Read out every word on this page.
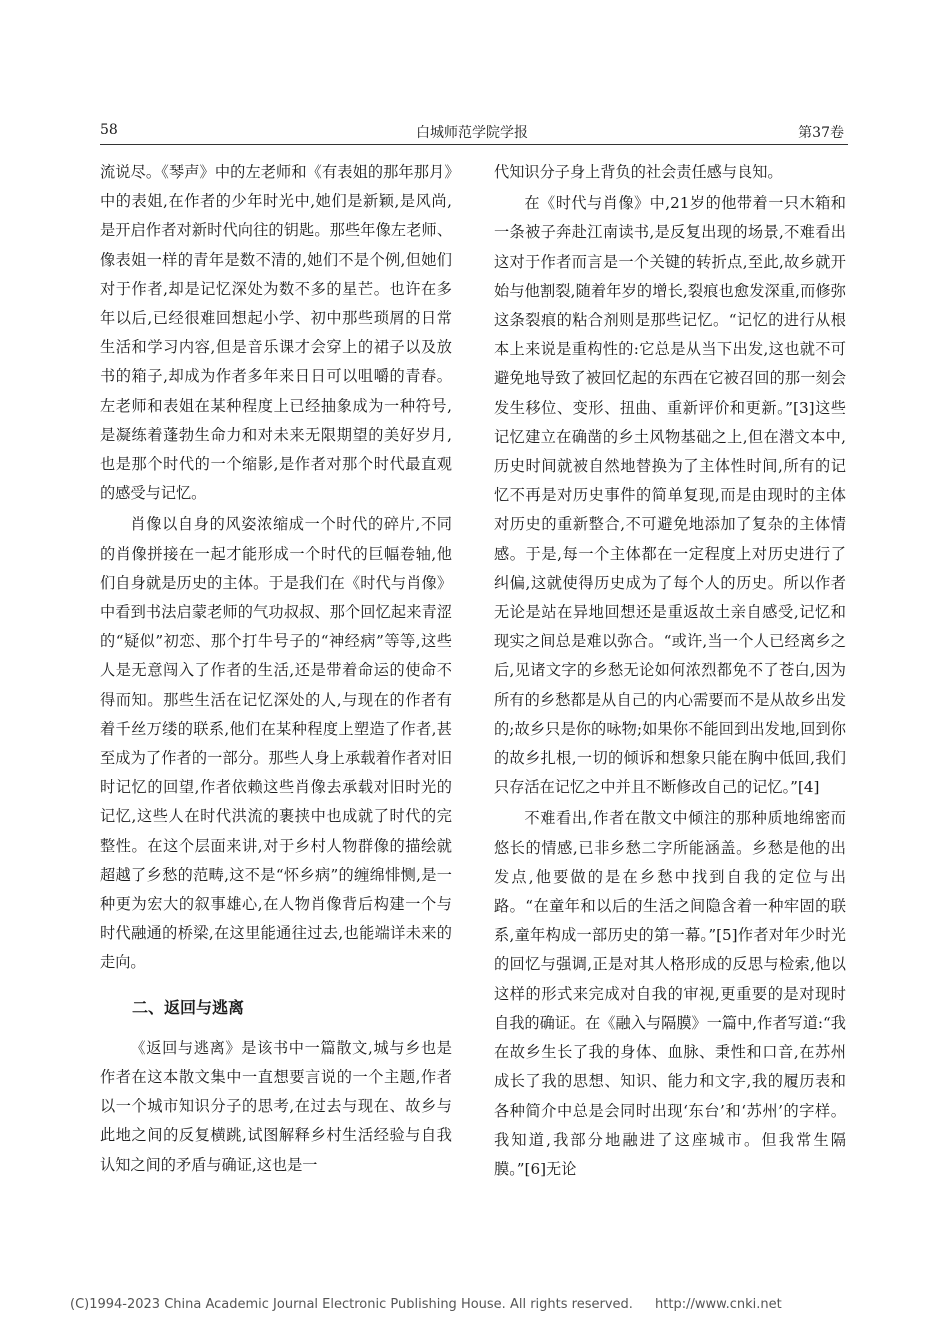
58	白城师范学院学报	第37卷

流说尽。《琴声》中的左老师和《有表姐的那年那月》中的表姐,在作者的少年时光中,她们是新颖,是风尚,是开启作者对新时代向往的钥匙。那些年像左老师、像表姐一样的青年是数不清的,她们不是个例,但她们对于作者,却是记忆深处为数不多的星芒。也许在多年以后,已经很难回想起小学、初中那些琐屑的日常生活和学习内容,但是音乐课才会穿上的裙子以及放书的箱子,却成为作者多年来日日可以咀嚼的青春。左老师和表姐在某种程度上已经抽象成为一种符号,是凝练着蓬勃生命力和对未来无限期望的美好岁月,也是那个时代的一个缩影,是作者对那个时代最直观的感受与记忆。

肖像以自身的风姿浓缩成一个时代的碎片,不同的肖像拼接在一起才能形成一个时代的巨幅卷轴,他们自身就是历史的主体。于是我们在《时代与肖像》中看到书法启蒙老师的气功叔叔、那个回忆起来青涩的“疑似”初恋、那个打牛号子的“神经病”等等,这些人是无意闯入了作者的生活,还是带着命运的使命不得而知。那些生活在记忆深处的人,与现在的作者有着千丝万缕的联系,他们在某种程度上塑造了作者,甚至成为了作者的一部分。那些人身上承载着作者对旧时记忆的回望,作者依赖这些肖像去承载对旧时光的记忆,这些人在时代洪流的裹挟中也成就了时代的完整性。在这个层面来讲,对于乡村人物群像的描绘就超越了乡愁的范畴,这不是“怀乡病”的缠绵悱恻,是一种更为宏大的叙事雄心,在人物肖像背后构建一个与时代融通的桥梁,在这里能通往过去,也能端详未来的走向。

二、返回与逃离

《返回与逃离》是该书中一篇散文,城与乡也是作者在这本散文集中一直想要言说的一个主题,作者以一个城市知识分子的思考,在过去与现在、故乡与此地之间的反复横跳,试图解释乡村生活经验与自我认知之间的矛盾与确证,这也是一

代知识分子身上背负的社会责任感与良知。

在《时代与肖像》中,21岁的他带着一只木箱和一条被子奔赴江南读书,是反复出现的场景,不难看出这对于作者而言是一个关键的转折点,至此,故乡就开始与他割裂,随着年岁的增长,裂痕也愈发深重,而修弥这条裂痕的粘合剂则是那些记忆。“记忆的进行从根本上来说是重构性的:它总是从当下出发,这也就不可避免地导致了被回忆起的东西在它被召回的那一刻会发生移位、变形、扭曲、重新评价和更新。”[3]这些记忆建立在确凿的乡土风物基础之上,但在潜文本中,历史时间就被自然地替换为了主体性时间,所有的记忆不再是对历史事件的简单复现,而是由现时的主体对历史的重新整合,不可避免地添加了复杂的主体情感。于是,每一个主体都在一定程度上对历史进行了纠偏,这就使得历史成为了每个人的历史。所以作者无论是站在异地回想还是重返故土亲自感受,记忆和现实之间总是难以弥合。“或许,当一个人已经离乡之后,见诸文字的乡愁无论如何浓烈都免不了苍白,因为所有的乡愁都是从自己的内心需要而不是从故乡出发的;故乡只是你的咏物;如果你不能回到出发地,回到你的故乡扎根,一切的倾诉和想象只能在胸中低回,我们只存活在记忆之中并且不断修改自己的记忆。”[4]

不难看出,作者在散文中倾注的那种质地绵密而悠长的情感,已非乡愁二字所能涵盖。乡愁是他的出发点,他要做的是在乡愁中找到自我的定位与出路。“在童年和以后的生活之间隐含着一种牢固的联系,童年构成一部历史的第一幕。”[5]作者对年少时光的回忆与强调,正是对其人格形成的反思与检索,他以这样的形式来完成对自我的审视,更重要的是对现时自我的确证。在《融入与隔膜》一篇中,作者写道:“我在故乡生长了我的身体、血脉、秉性和口音,在苏州成长了我的思想、知识、能力和文字,我的履历表和各种简介中总是会同时出现‘东台’和‘苏州’的字样。我知道,我部分地融进了这座城市。但我常生隔膜。”[6]无论

(C)1994-2023 China Academic Journal Electronic Publishing House. All rights reserved. http://www.cnki.net
